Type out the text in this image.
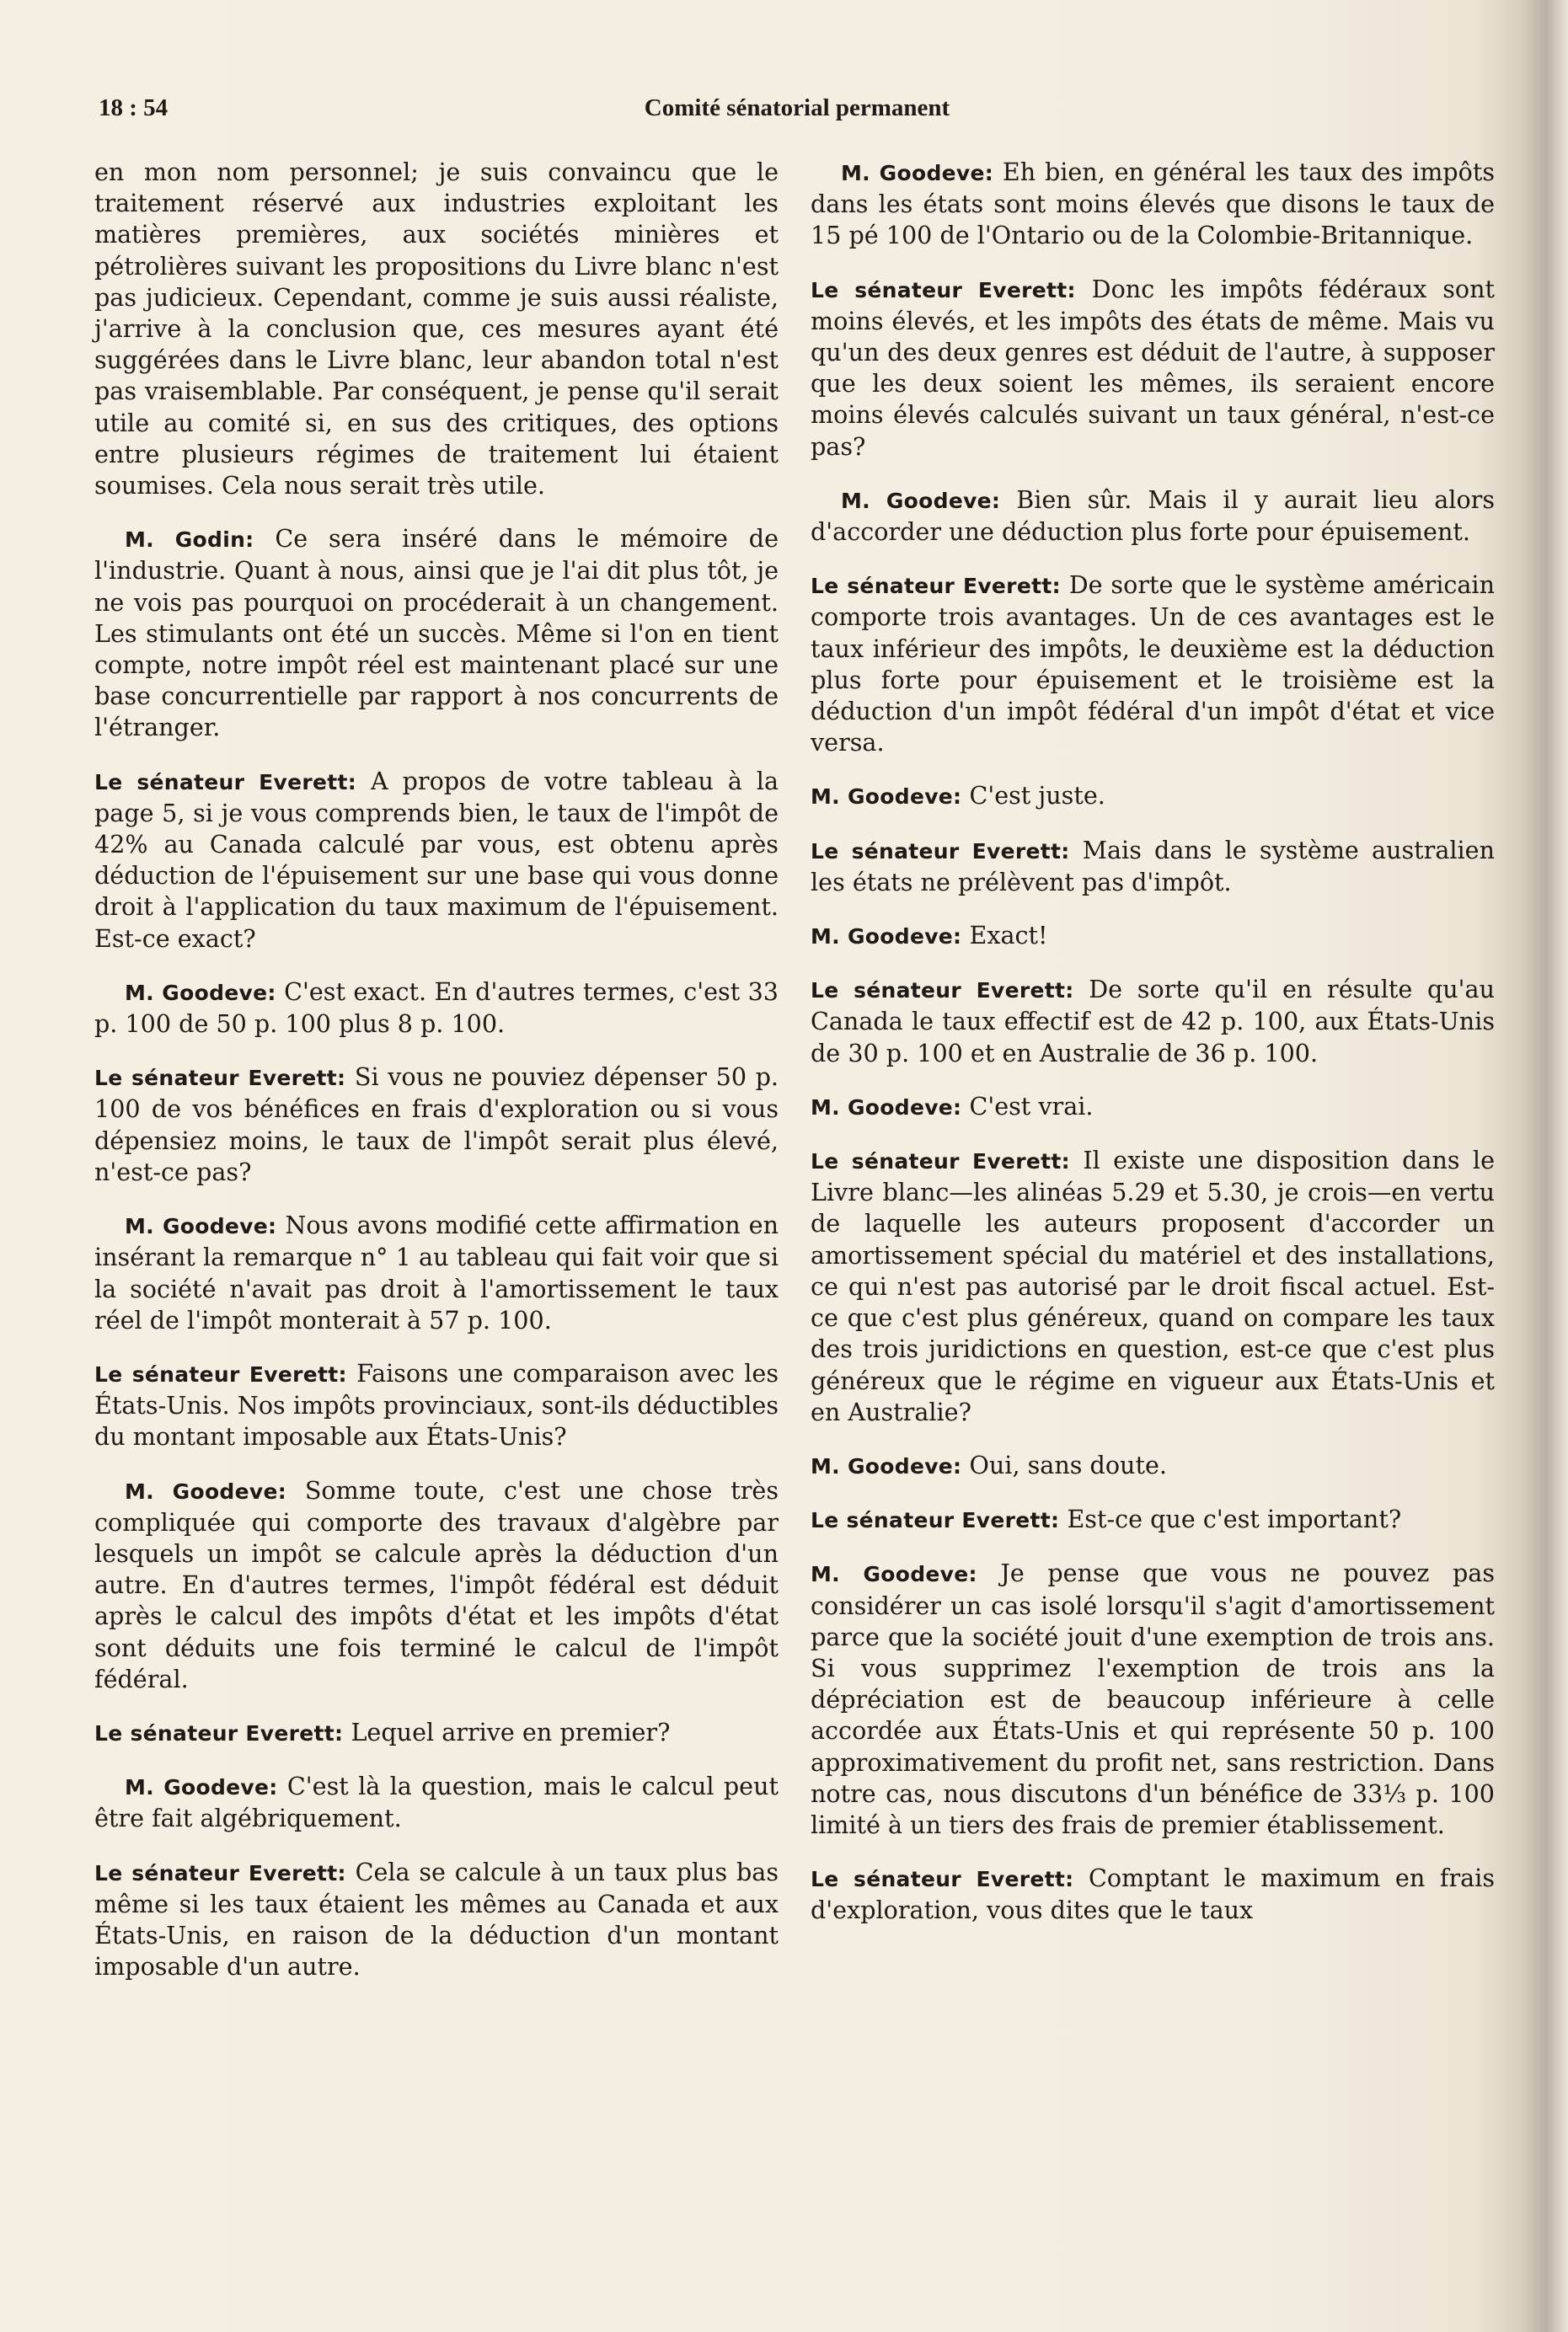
18 : 54	Comité sénatorial permanent

en mon nom personnel; je suis convaincu que le traitement réservé aux industries exploitant les matières premières, aux sociétés minières et pétrolières suivant les propositions du Livre blanc n'est pas judicieux. Cependant, comme je suis aussi réaliste, j'arrive à la conclusion que, ces mesures ayant été suggérées dans le Livre blanc, leur abandon total n'est pas vraisemblable. Par conséquent, je pense qu'il serait utile au comité si, en sus des critiques, des options entre plusieurs régimes de traitement lui étaient soumises. Cela nous serait très utile.

M. Godin: Ce sera inséré dans le mémoire de l'industrie. Quant à nous, ainsi que je l'ai dit plus tôt, je ne vois pas pourquoi on procéderait à un changement. Les stimulants ont été un succès. Même si l'on en tient compte, notre impôt réel est maintenant placé sur une base concurrentielle par rapport à nos concurrents de l'étranger.

Le sénateur Everett: A propos de votre tableau à la page 5, si je vous comprends bien, le taux de l'impôt de 42% au Canada calculé par vous, est obtenu après déduction de l'épuisement sur une base qui vous donne droit à l'application du taux maximum de l'épuisement. Est-ce exact?

M. Goodeve: C'est exact. En d'autres termes, c'est 33 p. 100 de 50 p. 100 plus 8 p. 100.

Le sénateur Everett: Si vous ne pouviez dépenser 50 p. 100 de vos bénéfices en frais d'exploration ou si vous dépensiez moins, le taux de l'impôt serait plus élevé, n'est-ce pas?

M. Goodeve: Nous avons modifié cette affirmation en insérant la remarque n° 1 au tableau qui fait voir que si la société n'avait pas droit à l'amortissement le taux réel de l'impôt monterait à 57 p. 100.

Le sénateur Everett: Faisons une comparaison avec les États-Unis. Nos impôts provinciaux, sont-ils déductibles du montant imposable aux États-Unis?

M. Goodeve: Somme toute, c'est une chose très compliquée qui comporte des travaux d'algèbre par lesquels un impôt se calcule après la déduction d'un autre. En d'autres termes, l'impôt fédéral est déduit après le calcul des impôts d'état et les impôts d'état sont déduits une fois terminé le calcul de l'impôt fédéral.

Le sénateur Everett: Lequel arrive en premier?

M. Goodeve: C'est là la question, mais le calcul peut être fait algébriquement.

Le sénateur Everett: Cela se calcule à un taux plus bas même si les taux étaient les mêmes au Canada et aux États-Unis, en raison de la déduction d'un montant imposable d'un autre.

M. Goodeve: Eh bien, en général les taux des impôts dans les états sont moins élevés que disons le taux de 15 pé 100 de l'Ontario ou de la Colombie-Britannique.

Le sénateur Everett: Donc les impôts fédéraux sont moins élevés, et les impôts des états de même. Mais vu qu'un des deux genres est déduit de l'autre, à supposer que les deux soient les mêmes, ils seraient encore moins élevés calculés suivant un taux général, n'est-ce pas?

M. Goodeve: Bien sûr. Mais il y aurait lieu alors d'accorder une déduction plus forte pour épuisement.

Le sénateur Everett: De sorte que le système américain comporte trois avantages. Un de ces avantages est le taux inférieur des impôts, le deuxième est la déduction plus forte pour épuisement et le troisième est la déduction d'un impôt fédéral d'un impôt d'état et vice versa.

M. Goodeve: C'est juste.

Le sénateur Everett: Mais dans le système australien les états ne prélèvent pas d'impôt.

M. Goodeve: Exact!

Le sénateur Everett: De sorte qu'il en résulte qu'au Canada le taux effectif est de 42 p. 100, aux États-Unis de 30 p. 100 et en Australie de 36 p. 100.

M. Goodeve: C'est vrai.

Le sénateur Everett: Il existe une disposition dans le Livre blanc—les alinéas 5.29 et 5.30, je crois—en vertu de laquelle les auteurs proposent d'accorder un amortissement spécial du matériel et des installations, ce qui n'est pas autorisé par le droit fiscal actuel. Est-ce que c'est plus généreux, quand on compare les taux des trois juridictions en question, est-ce que c'est plus généreux que le régime en vigueur aux États-Unis et en Australie?

M. Goodeve: Oui, sans doute.

Le sénateur Everett: Est-ce que c'est important?

M. Goodeve: Je pense que vous ne pouvez pas considérer un cas isolé lorsqu'il s'agit d'amortissement parce que la société jouit d'une exemption de trois ans. Si vous supprimez l'exemption de trois ans la dépréciation est de beaucoup inférieure à celle accordée aux États-Unis et qui représente 50 p. 100 approximativement du profit net, sans restriction. Dans notre cas, nous discutons d'un bénéfice de 33⅓ p. 100 limité à un tiers des frais de premier établissement.

Le sénateur Everett: Comptant le maximum en frais d'exploration, vous dites que le taux
